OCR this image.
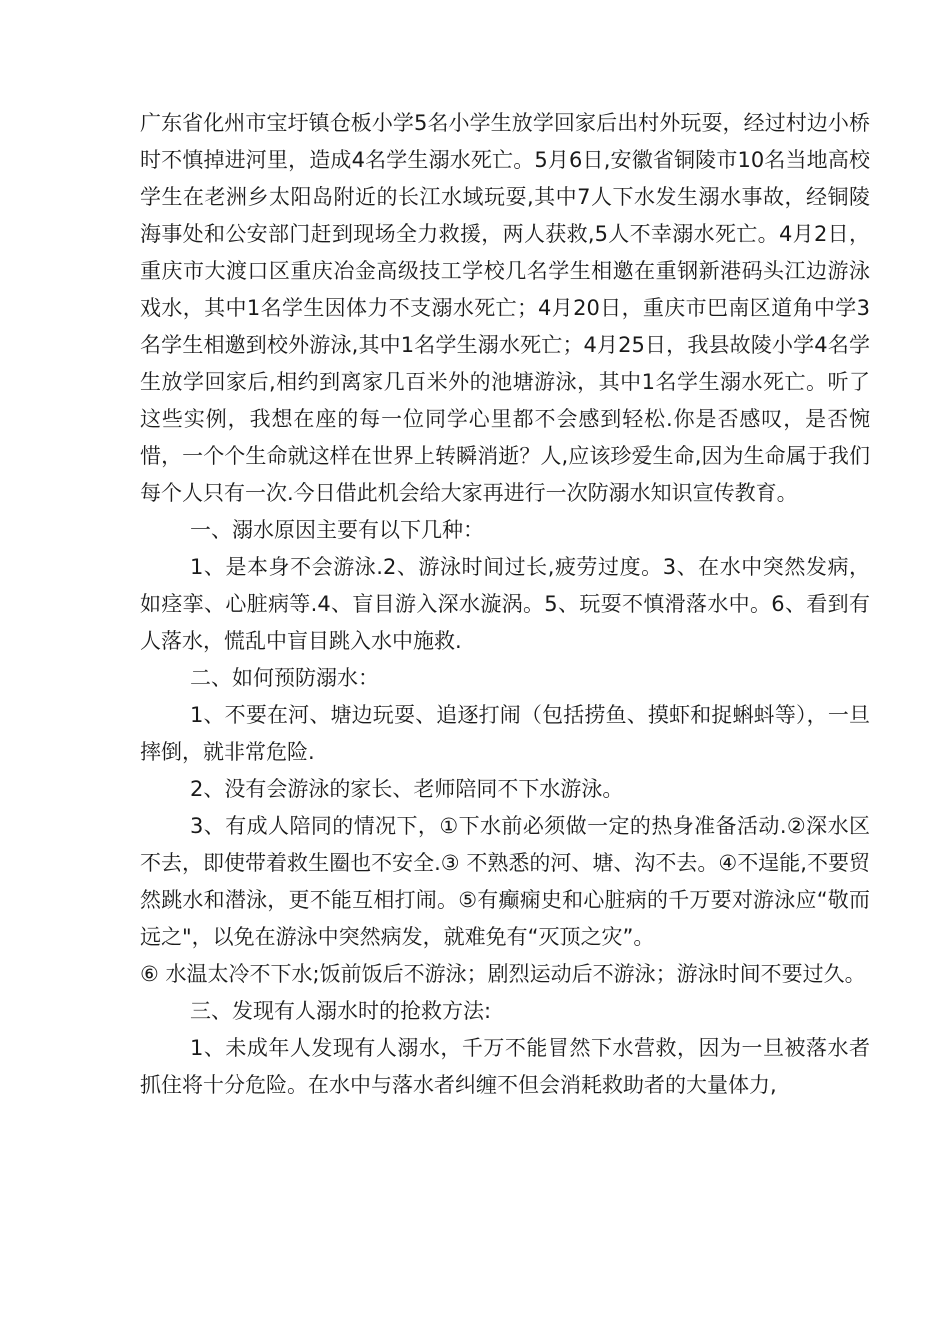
广东省化州市宝圩镇仓板小学5名小学生放学回家后出村外玩耍，经过村边小桥时不慎掉进河里，造成4名学生溺水死亡。5月6日,安徽省铜陵市10名当地高校学生在老洲乡太阳岛附近的长江水域玩耍,其中7人下水发生溺水事故，经铜陵海事处和公安部门赶到现场全力救援，两人获救,5人不幸溺水死亡。4月2日，重庆市大渡口区重庆冶金高级技工学校几名学生相邀在重钢新港码头江边游泳戏水，其中1名学生因体力不支溺水死亡；4月20日，重庆市巴南区道角中学3名学生相邀到校外游泳,其中1名学生溺水死亡；4月25日，我县故陵小学4名学生放学回家后,相约到离家几百米外的池塘游泳，其中1名学生溺水死亡。听了这些实例，我想在座的每一位同学心里都不会感到轻松.你是否感叹，是否惋惜，一个个生命就这样在世界上转瞬消逝？人,应该珍爱生命,因为生命属于我们每个人只有一次.今日借此机会给大家再进行一次防溺水知识宣传教育。

一、溺水原因主要有以下几种：

1、是本身不会游泳.2、游泳时间过长,疲劳过度。3、在水中突然发病，如痉挛、心脏病等.4、盲目游入深水漩涡。5、玩耍不慎滑落水中。6、看到有人落水，慌乱中盲目跳入水中施救.

二、如何预防溺水：

1、不要在河、塘边玩耍、追逐打闹（包括捞鱼、摸虾和捉蝌蚪等），一旦摔倒，就非常危险.

2、没有会游泳的家长、老师陪同不下水游泳。

3、有成人陪同的情况下，①下水前必须做一定的热身准备活动.②深水区不去，即使带着救生圈也不安全.③ 不熟悉的河、塘、沟不去。④不逞能,不要贸然跳水和潜泳，更不能互相打闹。⑤有癫痫史和心脏病的千万要对游泳应“敬而远之"，以免在游泳中突然病发，就难免有“灭顶之灾”。

⑥ 水温太冷不下水;饭前饭后不游泳；剧烈运动后不游泳；游泳时间不要过久。

三、发现有人溺水时的抢救方法:

1、未成年人发现有人溺水，千万不能冒然下水营救，因为一旦被落水者抓住将十分危险。在水中与落水者纠缠不但会消耗救助者的大量体力,
